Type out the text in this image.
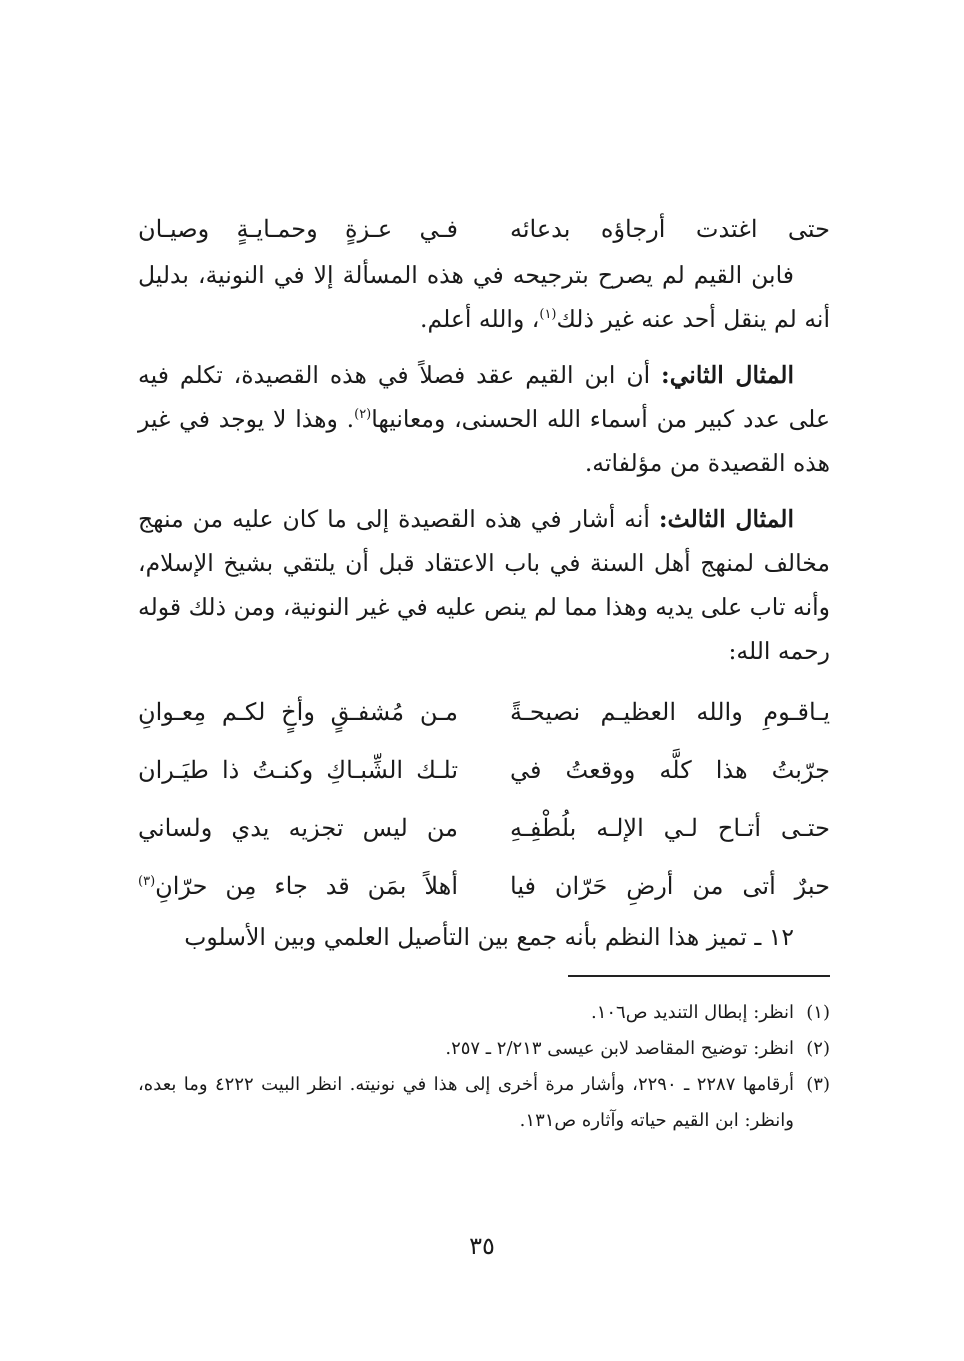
حتى اغتدت أرجاؤه بدعائه
فـي عـزةٍ وحمـايـةٍ وصيـان

فابن القيم لم يصرح بترجيحه في هذه المسألة إلا في النونية، بدليل أنه لم ينقل أحد عنه غير ذلك$^{(١)}$، والله أعلم.

المثال الثاني: أن ابن القيم عقد فصلاً في هذه القصيدة، تكلم فيه على عدد كبير من أسماء الله الحسنى، ومعانيها$^{(٢)}$. وهذا لا يوجد في غير هذه القصيدة من مؤلفاته.

المثال الثالث: أنه أشار في هذه القصيدة إلى ما كان عليه من منهج مخالف لمنهج أهل السنة في باب الاعتقاد قبل أن يلتقي بشيخ الإسلام، وأنه تاب على يديه وهذا مما لم ينص عليه في غير النونية، ومن ذلك قوله رحمه الله:

يـاقـومِ والله العظيـم نصيحـةً
مـن مُشفـقٍ وأخٍ لكـم مِعـوانِ
جرّبتُ هذا كلَّه ووقعتُ في
تلـك الشِّبـاكِ وكنـتُ ذا طيَـران
حتـى أتـاح لـي الإلـه بلُطْفِـهِ
من ليس تجزيه يدي ولساني
حبرٌ أتى من أرضِ حَرّان فيا
أهلاً بمَن قد جاء مِن حرّانِ$^{(٣)}$

١٢ ـ تميز هذا النظم بأنه جمع بين التأصيل العلمي وبين الأسلوب

(١)
انظر: إبطال التنديد ص١٠٦.
(٢)
انظر: توضيح المقاصد لابن عيسى ٢/٢١٣ ـ ٢٥٧.
(٣)
أرقامها ٢٢٨٧ ـ ٢٢٩٠، وأشار مرة أخرى إلى هذا في نونيته. انظر البيت ٤٢٢٢ وما بعده، وانظر: ابن القيم حياته وآثاره ص١٣١.
٣٥
